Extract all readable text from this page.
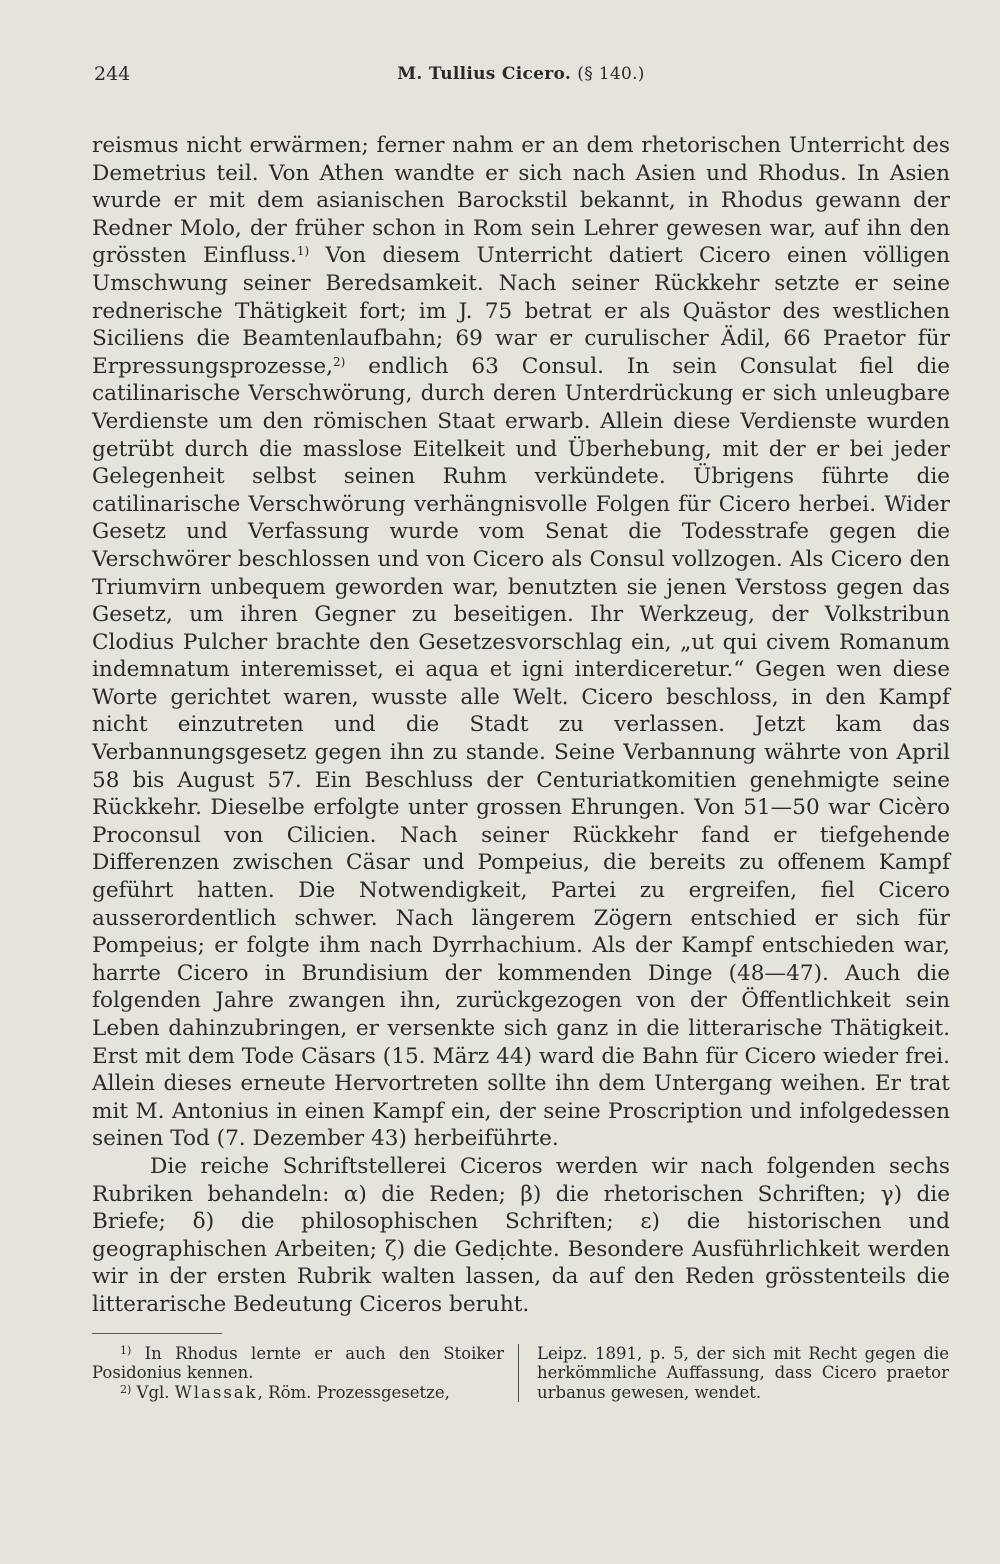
244	M. Tullius Cicero. (§ 140.)

reismus nicht erwärmen; ferner nahm er an dem rhetorischen Unterricht des Demetrius teil. Von Athen wandte er sich nach Asien und Rhodus. In Asien wurde er mit dem asianischen Barockstil bekannt, in Rhodus gewann der Redner Molo, der früher schon in Rom sein Lehrer gewesen war, auf ihn den grössten Einfluss.$^{1)}$ Von diesem Unterricht datiert Cicero einen völligen Umschwung seiner Beredsamkeit. Nach seiner Rückkehr setzte er seine rednerische Thätigkeit fort; im J. 75 betrat er als Quästor des westlichen Siciliens die Beamtenlaufbahn; 69 war er curulischer Ädil, 66 Praetor für Erpressungsprozesse,$^{2)}$ endlich 63 Consul. In sein Consulat fiel die catilinarische Verschwörung, durch deren Unterdrückung er sich unleugbare Verdienste um den römischen Staat erwarb. Allein diese Verdienste wurden getrübt durch die masslose Eitelkeit und Überhebung, mit der er bei jeder Gelegenheit selbst seinen Ruhm verkündete. Übrigens führte die catilinarische Verschwörung verhängnisvolle Folgen für Cicero herbei. Wider Gesetz und Verfassung wurde vom Senat die Todesstrafe gegen die Verschwörer beschlossen und von Cicero als Consul vollzogen. Als Cicero den Triumvirn unbequem geworden war, benutzten sie jenen Verstoss gegen das Gesetz, um ihren Gegner zu beseitigen. Ihr Werkzeug, der Volkstribun Clodius Pulcher brachte den Gesetzesvorschlag ein, „ut qui civem Romanum indemnatum interemisset, ei aqua et igni interdiceretur.“ Gegen wen diese Worte gerichtet waren, wusste alle Welt. Cicero beschloss, in den Kampf nicht einzutreten und die Stadt zu verlassen. Jetzt kam das Verbannungsgesetz gegen ihn zu stande. Seine Verbannung währte von April 58 bis August 57. Ein Beschluss der Centuriatkomitien genehmigte seine Rückkehr. Dieselbe erfolgte unter grossen Ehrungen. Von 51—50 war Cicèro Proconsul von Cilicien. Nach seiner Rückkehr fand er tiefgehende Differenzen zwischen Cäsar und Pompeius, die bereits zu offenem Kampf geführt hatten. Die Notwendigkeit, Partei zu ergreifen, fiel Cicero ausserordentlich schwer. Nach längerem Zögern entschied er sich für Pompeius; er folgte ihm nach Dyrrhachium. Als der Kampf entschieden war, harrte Cicero in Brundisium der kommenden Dinge (48—47). Auch die folgenden Jahre zwangen ihn, zurückgezogen von der Öffentlichkeit sein Leben dahinzubringen, er versenkte sich ganz in die litterarische Thätigkeit. Erst mit dem Tode Cäsars (15. März 44) ward die Bahn für Cicero wieder frei. Allein dieses erneute Hervortreten sollte ihn dem Untergang weihen. Er trat mit M. Antonius in einen Kampf ein, der seine Proscription und infolgedessen seinen Tod (7. Dezember 43) herbeiführte.

Die reiche Schriftstellerei Ciceros werden wir nach folgenden sechs Rubriken behandeln: α) die Reden; β) die rhetorischen Schriften; γ) die Briefe; δ) die philosophischen Schriften; ε) die historischen und geographischen Arbeiten; ζ) die Gedịchte. Besondere Ausführlichkeit werden wir in der ersten Rubrik walten lassen, da auf den Reden grösstenteils die litterarische Bedeutung Ciceros beruht.

$^{1)}$ In Rhodus lernte er auch den Stoiker Posidonius kennen.

$^{2)}$ Vgl. Wlassak, Röm. Prozessgesetze,

Leipz. 1891, p. 5, der sich mit Recht gegen die herkömmliche Auffassung, dass Cicero praetor urbanus gewesen, wendet.
